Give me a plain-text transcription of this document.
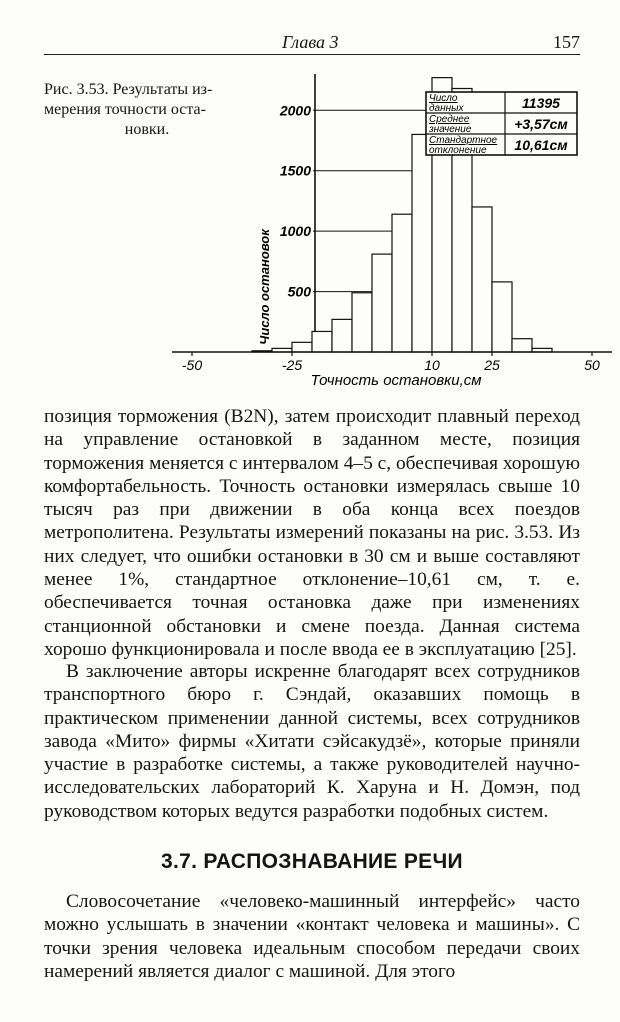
Глава 3	157
Рис. 3.53. Результаты из-
мерения точности оста-
новки.
Число остановок 500
1000
1500
2000
-50	-25	10	25	50
Точность остановки,см
Число
данных	11395
Среднее
значение	+3,57см
Стандартное
отклонение 10,61см

позиция торможения (B2N), затем происходит плавный переход на управление остановкой в заданном месте, позиция торможения меняется с интервалом 4–5 с, обеспечивая хорошую комфортабельность. Точность остановки измерялась свыше 10 тысяч раз при движении в оба конца всех поездов метрополитена. Результаты измерений показаны на рис. 3.53. Из них следует, что ошибки остановки в 30 см и выше составляют менее 1%, стандартное отклонение–10,61 см, т. е. обеспечивается точная остановка даже при изменениях станционной обстановки и смене поезда. Данная система хорошо функционировала и после ввода ее в эксплуатацию [25].

В заключение авторы искренне благодарят всех сотрудников транспортного бюро г. Сэндай, оказавших помощь в практическом применении данной системы, всех сотрудников завода «Мито» фирмы «Хитати сэйсакудзё», которые приняли участие в разработке системы, а также руководителей научно-исследовательских лабораторий К. Харуна и Н. Домэн, под руководством которых ведутся разработки подобных систем.

3.7. РАСПОЗНАВАНИЕ РЕЧИ

Словосочетание «человеко-машинный интерфейс» часто можно услышать в значении «контакт человека и машины». С точки зрения человека идеальным способом передачи своих намерений является диалог с машиной. Для этого
